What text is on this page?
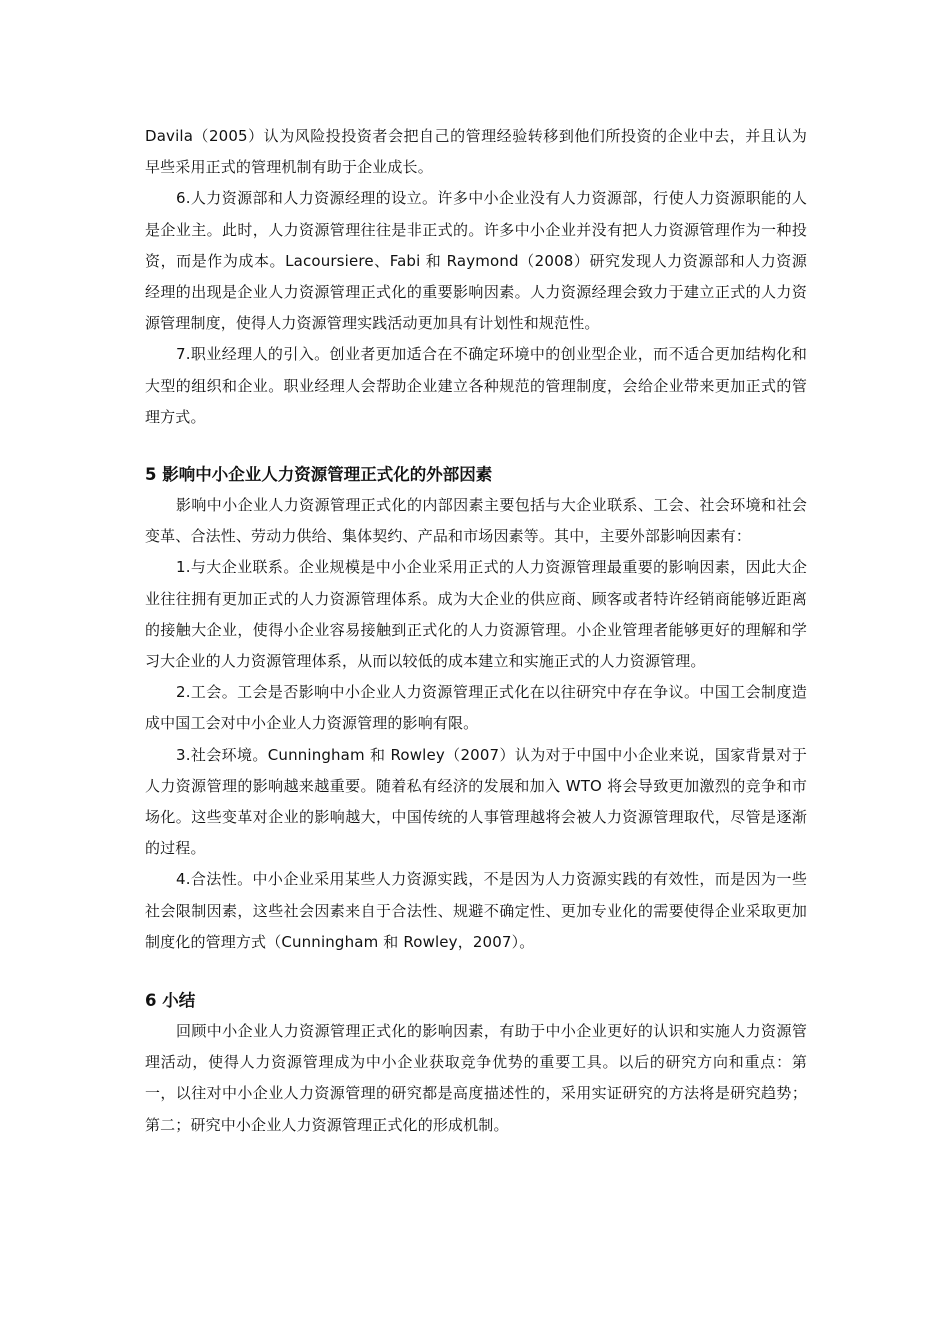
Davila（2005）认为风险投投资者会把自己的管理经验转移到他们所投资的企业中去，并且认为早些采用正式的管理机制有助于企业成长。

6.人力资源部和人力资源经理的设立。许多中小企业没有人力资源部，行使人力资源职能的人是企业主。此时，人力资源管理往往是非正式的。许多中小企业并没有把人力资源管理作为一种投资，而是作为成本。Lacoursiere、Fabi 和 Raymond（2008）研究发现人力资源部和人力资源经理的出现是企业人力资源管理正式化的重要影响因素。人力资源经理会致力于建立正式的人力资源管理制度，使得人力资源管理实践活动更加具有计划性和规范性。

7.职业经理人的引入。创业者更加适合在不确定环境中的创业型企业，而不适合更加结构化和大型的组织和企业。职业经理人会帮助企业建立各种规范的管理制度，会给企业带来更加正式的管理方式。

5 影响中小企业人力资源管理正式化的外部因素

影响中小企业人力资源管理正式化的内部因素主要包括与大企业联系、工会、社会环境和社会变革、合法性、劳动力供给、集体契约、产品和市场因素等。其中，主要外部影响因素有：

1.与大企业联系。企业规模是中小企业采用正式的人力资源管理最重要的影响因素，因此大企业往往拥有更加正式的人力资源管理体系。成为大企业的供应商、顾客或者特许经销商能够近距离的接触大企业，使得小企业容易接触到正式化的人力资源管理。小企业管理者能够更好的理解和学习大企业的人力资源管理体系，从而以较低的成本建立和实施正式的人力资源管理。

2.工会。工会是否影响中小企业人力资源管理正式化在以往研究中存在争议。中国工会制度造成中国工会对中小企业人力资源管理的影响有限。

3.社会环境。Cunningham 和 Rowley（2007）认为对于中国中小企业来说，国家背景对于人力资源管理的影响越来越重要。随着私有经济的发展和加入 WTO 将会导致更加激烈的竞争和市场化。这些变革对企业的影响越大，中国传统的人事管理越将会被人力资源管理取代，尽管是逐渐的过程。

4.合法性。中小企业采用某些人力资源实践，不是因为人力资源实践的有效性，而是因为一些社会限制因素，这些社会因素来自于合法性、规避不确定性、更加专业化的需要使得企业采取更加制度化的管理方式（Cunningham 和 Rowley，2007）。

6 小结

回顾中小企业人力资源管理正式化的影响因素，有助于中小企业更好的认识和实施人力资源管理活动，使得人力资源管理成为中小企业获取竞争优势的重要工具。以后的研究方向和重点：第一，以往对中小企业人力资源管理的研究都是高度描述性的，采用实证研究的方法将是研究趋势；第二；研究中小企业人力资源管理正式化的形成机制。
